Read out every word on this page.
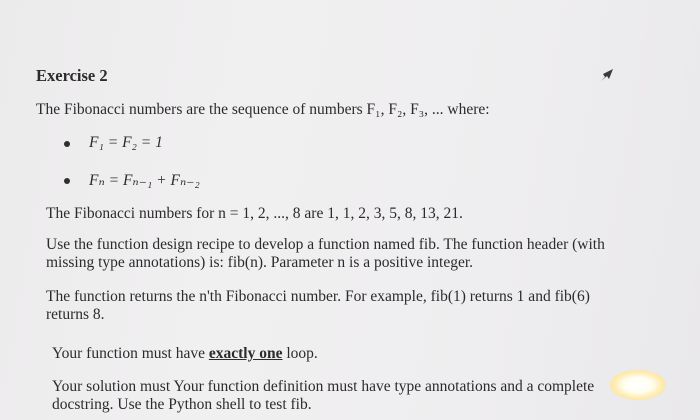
Exercise 2
The Fibonacci numbers are the sequence of numbers F₁, F₂, F₃, ... where:
F₁ = F₂ = 1
Fₙ = Fₙ₋₁ + Fₙ₋₂
The Fibonacci numbers for n = 1, 2, ..., 8 are 1, 1, 2, 3, 5, 8, 13, 21.
Use the function design recipe to develop a function named fib. The function header (with missing type annotations) is: fib(n). Parameter n is a positive integer.
The function returns the n'th Fibonacci number. For example, fib(1) returns 1 and fib(6) returns 8.
Your function must have exactly one loop.
Your solution must Your function definition must have type annotations and a complete docstring. Use the Python shell to test fib.
